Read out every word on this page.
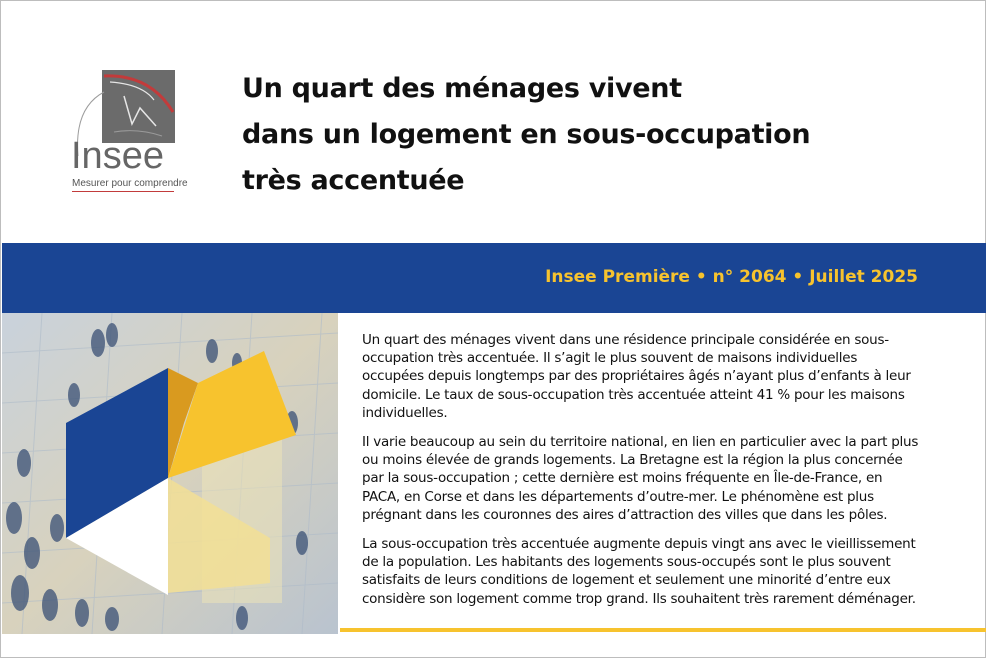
Insee
Mesurer pour comprendre
Un quart des ménages vivent
dans un logement en sous-occupation
très accentuée
Insee Première • n° 2064 • Juillet 2025

Un quart des ménages vivent dans une résidence principale considérée en sous-occupation très accentuée. Il s’agit le plus souvent de maisons individuelles occupées depuis longtemps par des propriétaires âgés n’ayant plus d’enfants à leur domicile. Le taux de sous-occupation très accentuée atteint 41 % pour les maisons individuelles.

Il varie beaucoup au sein du territoire national, en lien en particulier avec la part plus ou moins élevée de grands logements. La Bretagne est la région la plus concernée par la sous-occupation ; cette dernière est moins fréquente en Île-de-France, en PACA, en Corse et dans les départements d’outre-mer. Le phénomène est plus prégnant dans les couronnes des aires d’attraction des villes que dans les pôles.

La sous-occupation très accentuée augmente depuis vingt ans avec le vieillissement de la population. Les habitants des logements sous-occupés sont le plus souvent satisfaits de leurs conditions de logement et seulement une minorité d’entre eux considère son logement comme trop grand. Ils souhaitent très rarement déménager.
